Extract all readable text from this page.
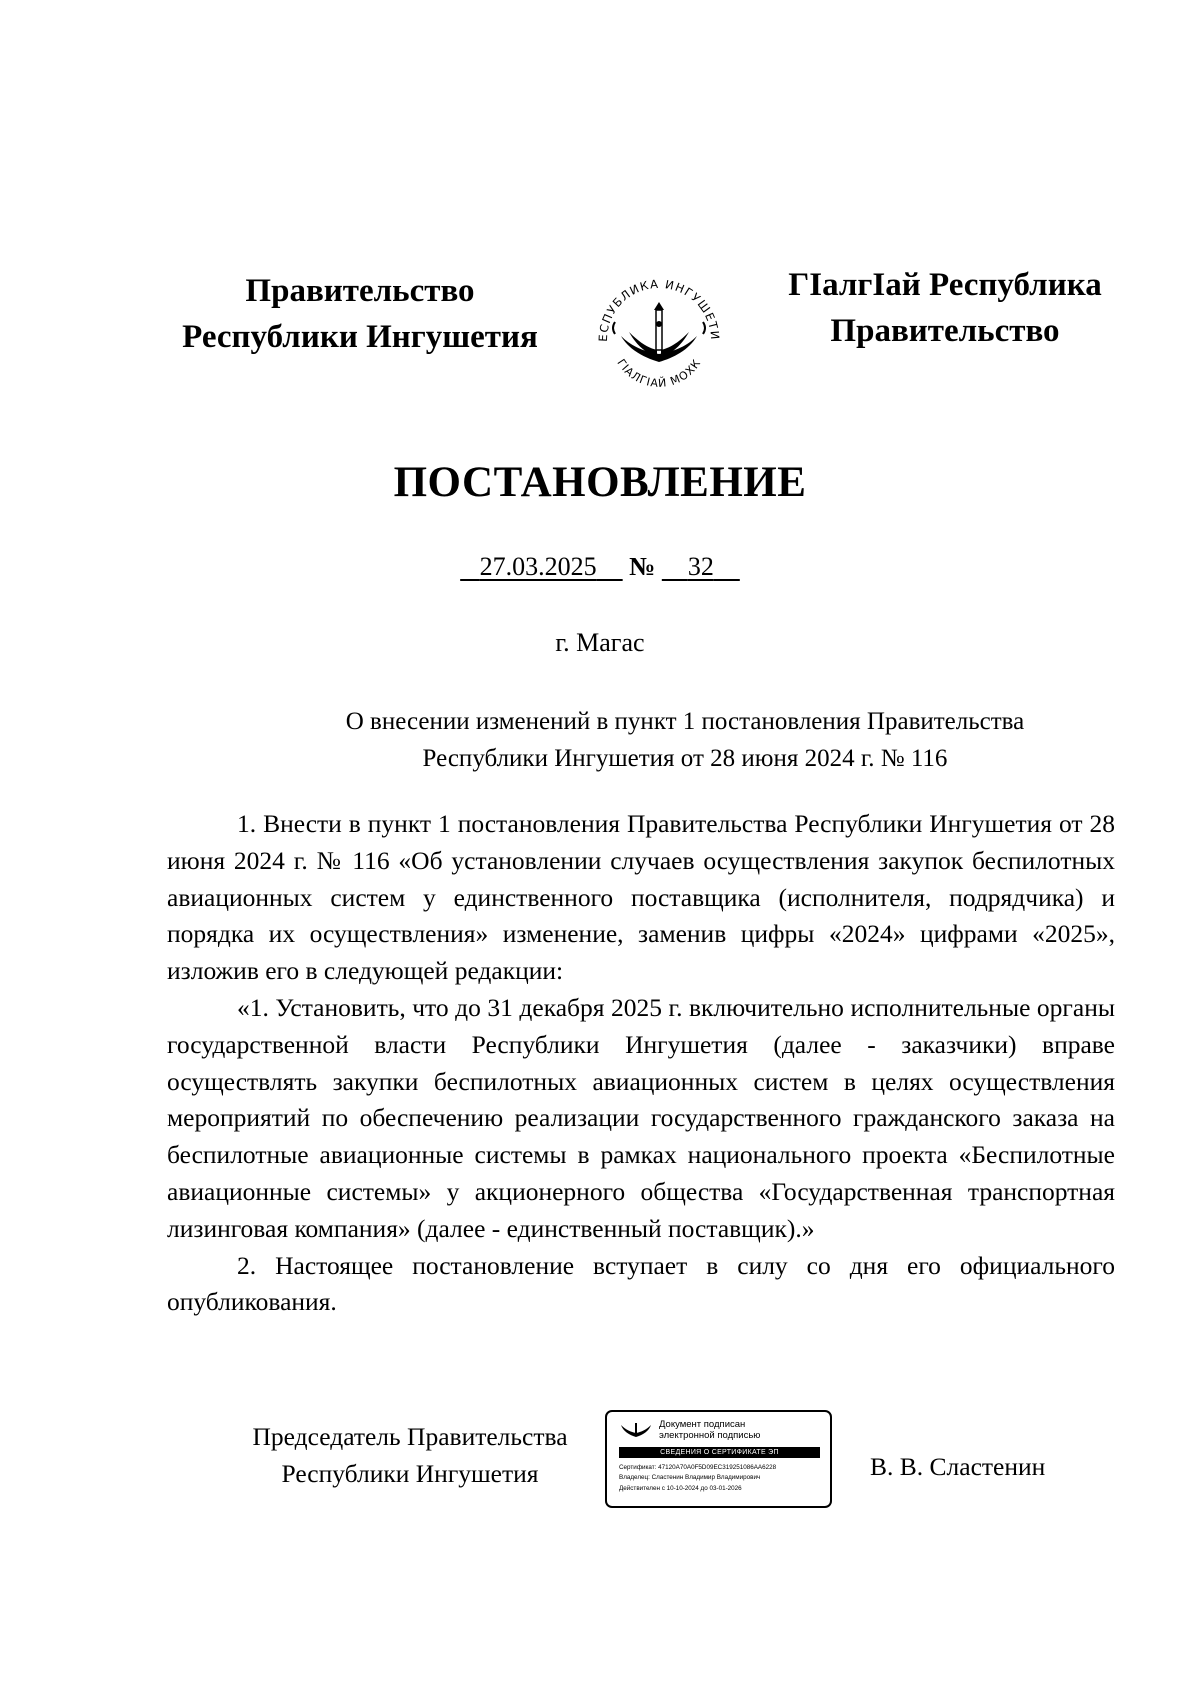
Правительство
Республики Ингушетия	ЕСПУБЛИКА ИНГУШЕТИ
ГIАЛГIАЙ МОХК
ГIалгIай Республика
Правительство
ПОСТАНОВЛЕНИЕ
27.03.2025 № 32
г. Магас
О внесении изменений в пункт 1 постановления Правительства
Республики Ингушетия от 28 июня 2024 г. № 116

1. Внести в пункт 1 постановления Правительства Республики Ингушетия от 28 июня 2024 г. № 116 «Об установлении случаев осуществления закупок беспилотных авиационных систем у единственного поставщика (исполнителя, подрядчика) и порядка их осуществления» изменение, заменив цифры «2024» цифрами «2025», изложив его в следующей редакции:

«1. Установить, что до 31 декабря 2025 г. включительно исполнительные органы государственной власти Республики Ингушетия (далее - заказчики) вправе осуществлять закупки беспилотных авиационных систем в целях осуществления мероприятий по обеспечению реализации государственного гражданского заказа на беспилотные авиационные системы в рамках национального проекта «Беспилотные авиационные системы» у акционерного общества «Государственная транспортная лизинговая компания» (далее - единственный поставщик).»

2. Настоящее постановление вступает в силу со дня его официального опубликования.

Председатель Правительства
Республики Ингушетия
Документ подписан
электронной подписью
СВЕДЕНИЯ О СЕРТИФИКАТЕ ЭП
Сертификат: 47120A70A0F5D09EC319251086AA6228
Владелец: Сластенин Владимир Владимирович
Действителен с 10-10-2024 до 03-01-2026
В. В. Сластенин
